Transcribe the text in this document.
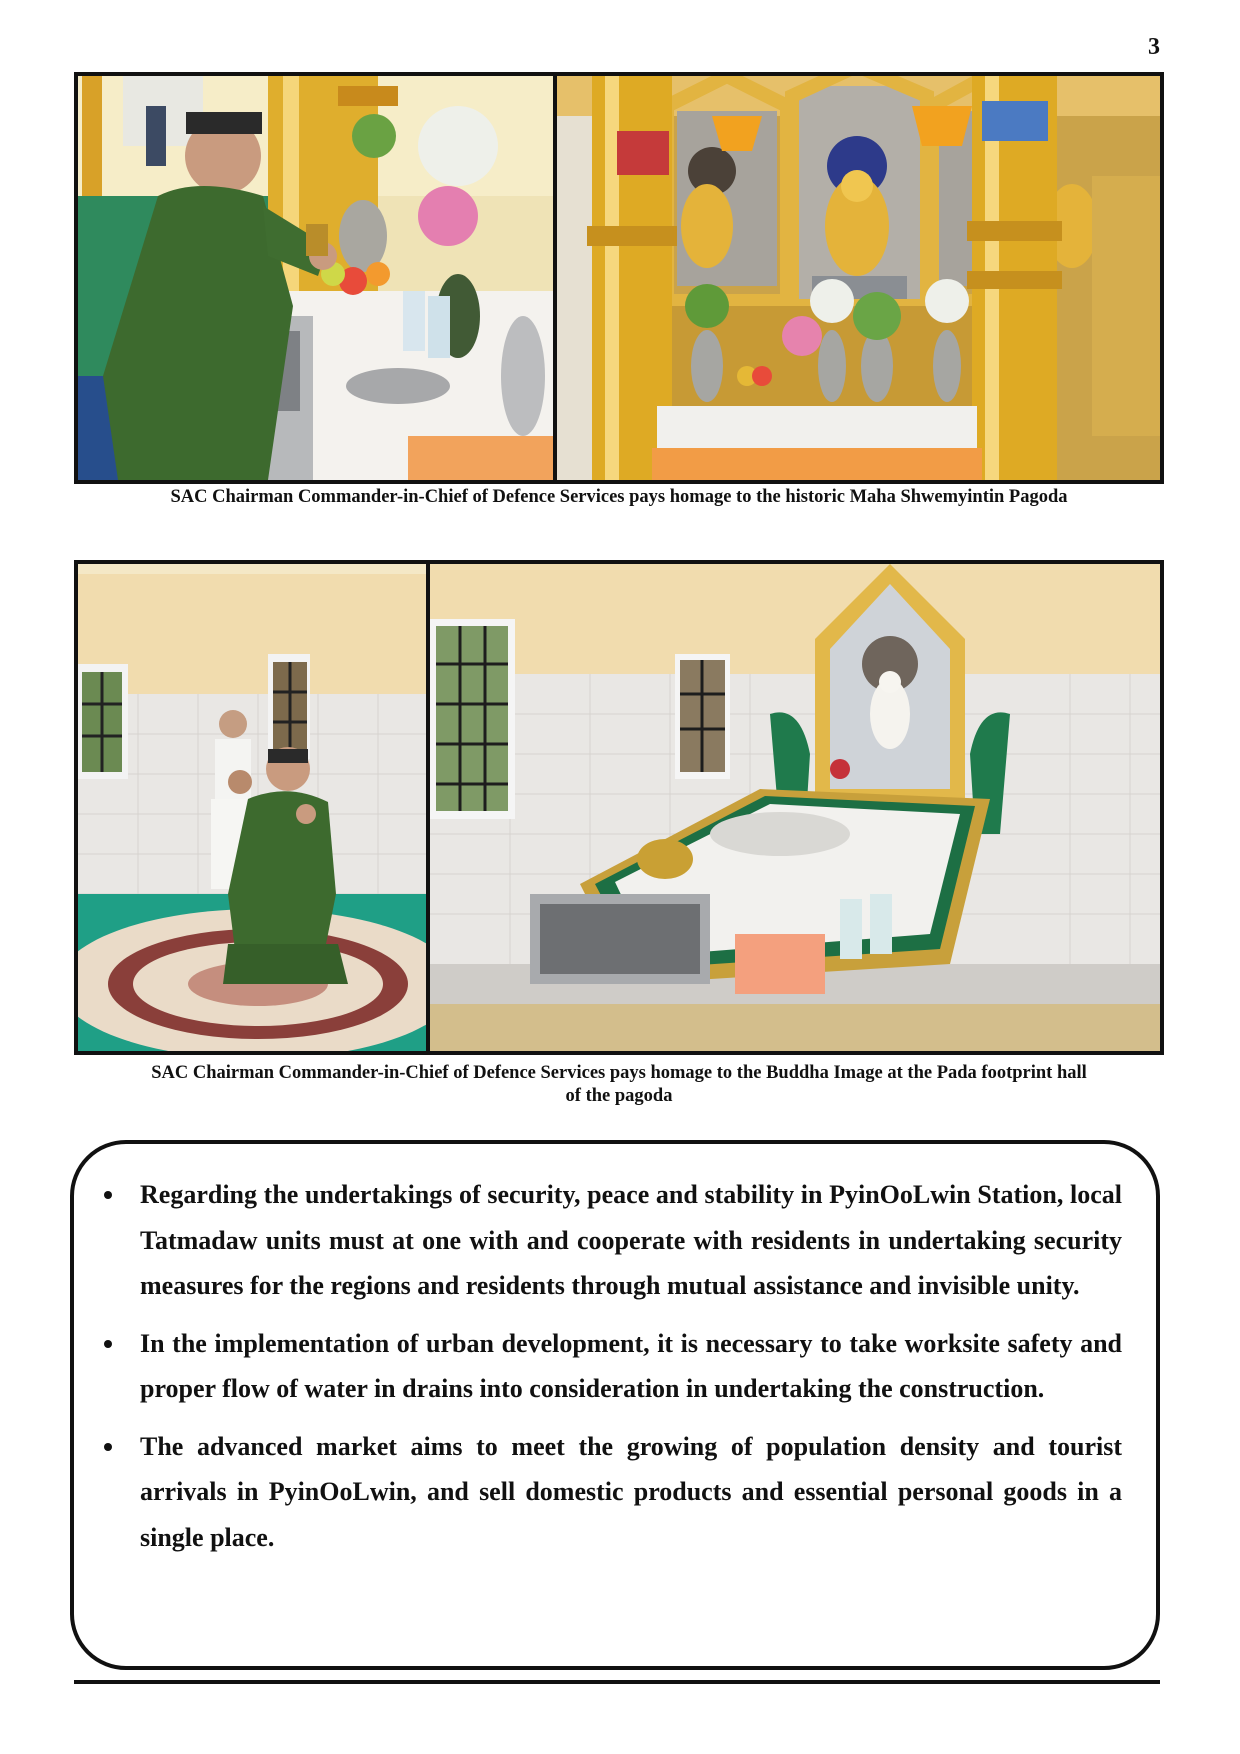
3
SAC Chairman Commander-in-Chief of Defence Services pays homage to the historic Maha Shwemyintin Pagoda
SAC Chairman Commander-in-Chief of Defence Services pays homage to the Buddha Image at the Pada footprint hall
of the pagoda
Regarding the undertakings of security, peace and stability in PyinOoLwin Station, local Tatmadaw units must at one with and cooperate with residents in undertaking security measures for the regions and residents through mutual assistance and invisible unity.
In the implementation of urban development, it is necessary to take worksite safety and proper flow of water in drains into consideration in undertaking the construction.
The advanced market aims to meet the growing of population density and tourist arrivals in PyinOoLwin, and sell domestic products and essential personal goods in a single place.
